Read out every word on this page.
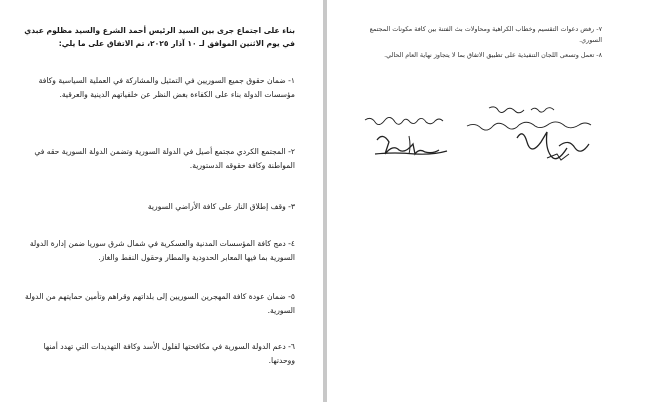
بناء على اجتماع جرى بين السيد الرئيس أحمد الشرع والسيد مظلوم عبدي في يوم الاثنين الموافق لـ ١٠ آذار ٢٠٢٥، تم الاتفاق على ما يلي:
١- ضمان حقوق جميع السوريين في التمثيل والمشاركة في العملية السياسية وكافة مؤسسات الدولة بناء على الكفاءة بغض النظر عن خلفياتهم الدينية والعرقية.
٢- المجتمع الكردي مجتمع أصيل في الدولة السورية وتضمن الدولة السورية حقه في المواطنة وكافة حقوقه الدستورية.
٣- وقف إطلاق النار على كافة الأراضي السورية
٤- دمج كافة المؤسسات المدنية والعسكرية في شمال شرق سوريا ضمن إدارة الدولة السورية بما فيها المعابر الحدودية والمطار وحقول النفط والغاز.
٥- ضمان عودة كافة المهجرين السوريين إلى بلداتهم وقراهم وتأمين حمايتهم من الدولة السورية.
٦- دعم الدولة السورية في مكافحتها لفلول الأسد وكافة التهديدات التي تهدد أمنها ووحدتها.
٧- رفض دعوات التقسيم وخطاب الكراهية ومحاولات بث الفتنة بين كافة مكونات المجتمع السوري.
٨- تعمل وتسعى اللجان التنفيذية على تطبيق الاتفاق بما لا يتجاوز نهاية العام الحالي.
